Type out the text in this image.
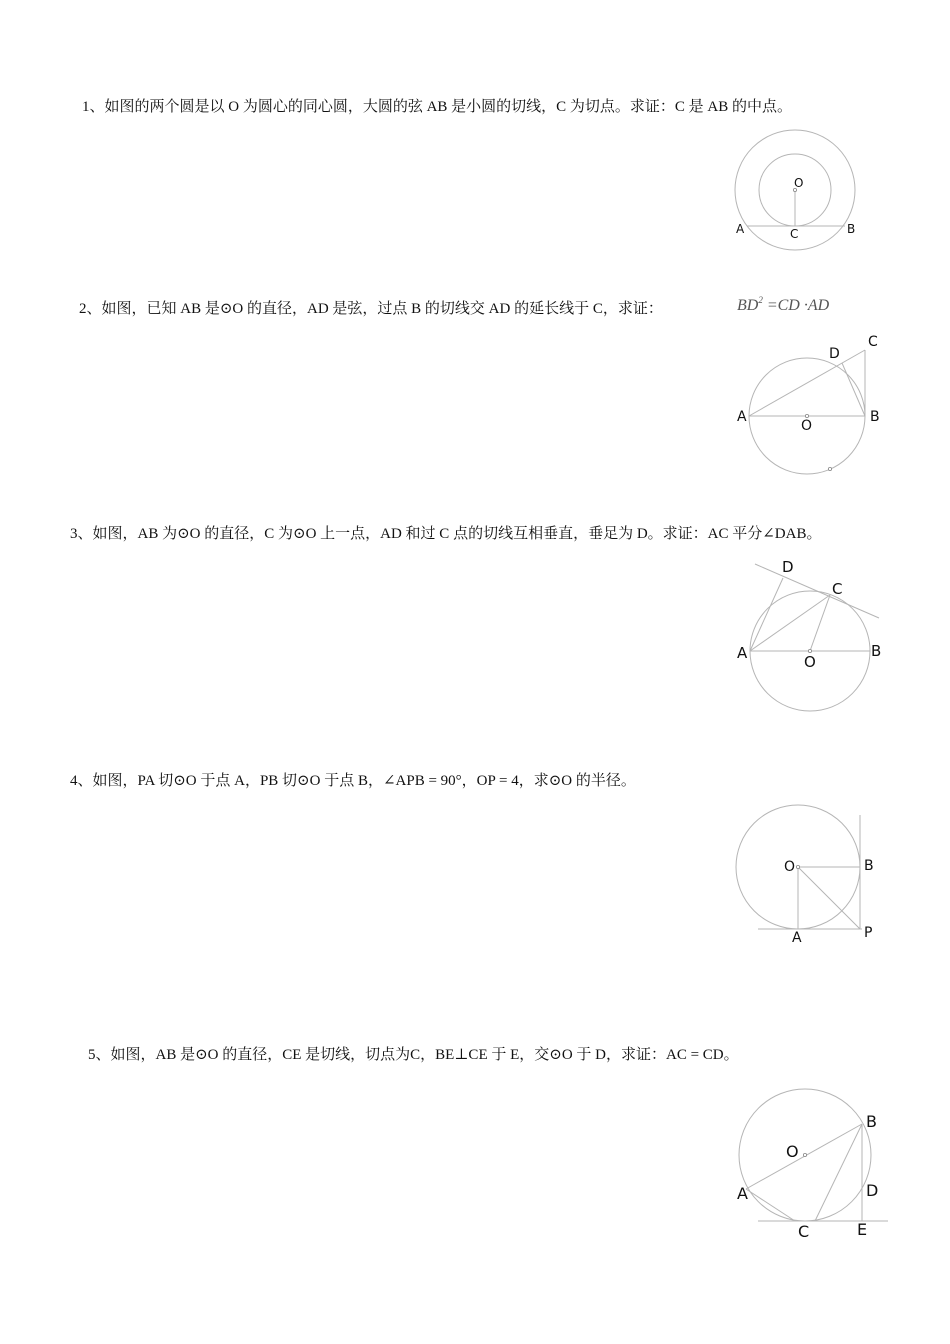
1、如图的两个圆是以 O 为圆心的同心圆，大圆的弦 AB 是小圆的切线，C 为切点。求证：C 是 AB 的中点。
O
A	C	B
2、如图，已知 AB 是⊙O 的直径，AD 是弦，过点 B 的切线交 AD 的延长线于 C，求证：	$BD^2 =CD \cdot AD$
A	B
C
D
O
3、如图，AB 为⊙O 的直径，C 为⊙O 上一点，AD 和过 C 点的切线互相垂直，垂足为 D。求证：AC 平分∠DAB。
A	B
C
D
O
4、如图，PA 切⊙O 于点 A，PB 切⊙O 于点 B，∠APB = 90°，OP = 4，求⊙O 的半径。
O	B
A	P
5、如图，AB 是⊙O 的直径，CE 是切线，切点为C，BE⊥CE 于 E，交⊙O 于 D，求证：AC = CD。
A
B
C
D
E
O
